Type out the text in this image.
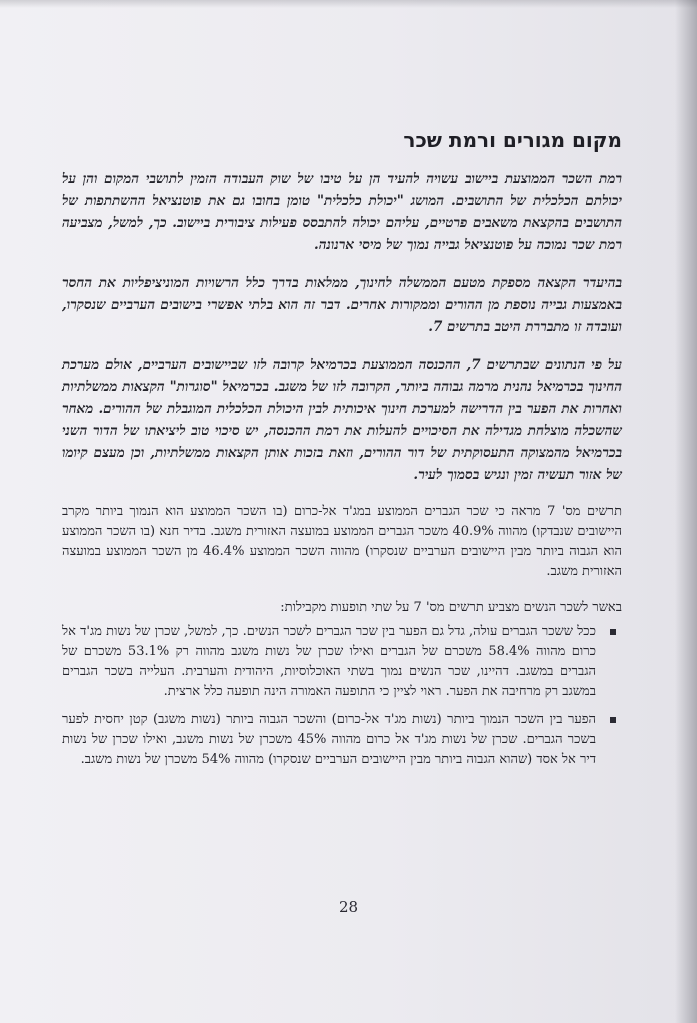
מקום מגורים ורמת שכר

רמת השכר הממוצעת ביישוב עשויה להעיד הן על טיבו של שוק העבודה הזמין לתושבי המקום והן על יכולתם הכלכלית של התושבים. המושג "יכולת כלכלית" טומן בחובו גם את פוטנציאל ההשתתפות של התושבים בהקצאת משאבים פרטיים, עליהם יכולה להתבסס פעילות ציבורית ביישוב. כך, למשל, מצביעה רמת שכר נמוכה על פוטנציאל גבייה נמוך של מיסי ארנונה.

בהיעדר הקצאה מספקת מטעם הממשלה לחינוך, ממלאות בדרך כלל הרשויות המוניציפליות את החסר באמצעות גבייה נוספת מן ההורים וממקורות אחרים. דבר זה הוא בלתי אפשרי בישובים הערביים שנסקרו, ועובדה זו מתבררת היטב בתרשים 7.

על פי הנתונים שבתרשים 7, ההכנסה הממוצעת בכרמיאל קרובה לזו שביישובים הערביים, אולם מערכת החינוך בכרמיאל נהנית מרמה גבוהה ביותר, הקרובה לזו של משגב. בכרמיאל "סוגרות" הקצאות ממשלתיות ואחרות את הפער בין הדרישה למערכת חינוך איכותית לבין היכולת הכלכלית המוגבלת של ההורים. מאחר שהשכלה מוצלחת מגדילה את הסיכויים להעלות את רמת ההכנסה, יש סיכוי טוב ליציאתו של הדור השני בכרמיאל מהמצוקה התעסוקתית של דור ההורים, וזאת בזכות אותן הקצאות ממשלתיות, וכן מעצם קיומו של אזור תעשיה זמין ונגיש בסמוך לעיר.

תרשים מס' 7 מראה כי שכר הגברים הממוצע במג'ד אל-כרום (בו השכר הממוצע הוא הנמוך ביותר מקרב היישובים שנבדקו) מהווה 40.9% משכר הגברים הממוצע במועצה האזורית משגב. בדיר חנא (בו השכר הממוצע הוא הגבוה ביותר מבין היישובים הערביים שנסקרו) מהווה השכר הממוצע 46.4% מן השכר הממוצע במועצה האזורית משגב.

באשר לשכר הנשים מצביע תרשים מס' 7 על שתי תופעות מקבילות:

ככל ששכר הגברים עולה, גדל גם הפער בין שכר הגברים לשכר הנשים. כך, למשל, שכרן של נשות מג'ד אל כרום מהווה 58.4% משכרם של הגברים ואילו שכרן של נשות משגב מהווה רק 53.1% משכרם של הגברים במשגב. דהיינו, שכר הנשים נמוך בשתי האוכלוסיות, היהודית והערבית. העלייה בשכר הגברים במשגב רק מרחיבה את הפער. ראוי לציין כי התופעה האמורה הינה תופעה כלל ארצית.
הפער בין השכר הנמוך ביותר (נשות מג'ד אל-כרום) והשכר הגבוה ביותר (נשות משגב) קטן יחסית לפער בשכר הגברים. שכרן של נשות מג'ד אל כרום מהווה 45% משכרן של נשות משגב, ואילו שכרן של נשות דיר אל אסד (שהוא הגבוה ביותר מבין היישובים הערביים שנסקרו) מהווה 54% משכרן של נשות משגב.
28
